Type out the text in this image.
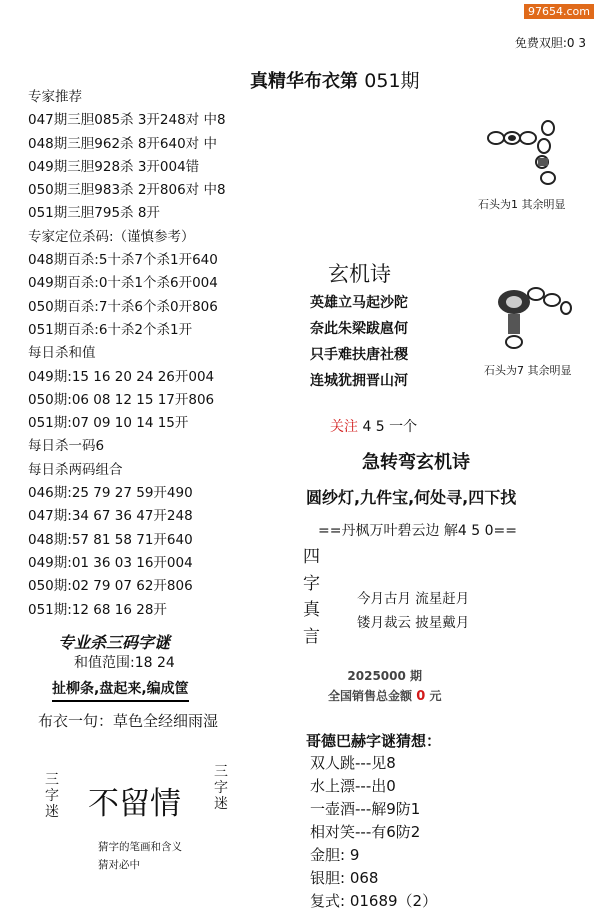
97654.com
免费双胆:0 3
真精华布衣第 051期
专家推荐
047期三胆085杀 3开248对 中8
048期三胆962杀 8开640对 中
049期三胆928杀 3开004错
050期三胆983杀 2开806对 中8
051期三胆795杀 8开
专家定位杀码:（谨慎参考）
048期百杀:5十杀7个杀1开640
049期百杀:0十杀1个杀6开004
050期百杀:7十杀6个杀0开806
051期百杀:6十杀2个杀1开
每日杀和值
049期:15 16 20 24 26开004
050期:06 08 12 15 17开806
051期:07 09 10 14 15开
每日杀一码6
每日杀两码组合
046期:25 79 27 59开490
047期:34 67 36 47开248
048期:57 81 58 71开640
049期:01 36 03 16开004
050期:02 79 07 62开806
051期:12 68 16 28开
专业杀三码字谜
和值范围:18 24
扯柳条,盘起来,编成筐
布衣一句：草色全经细雨湿
三字迷 不留情
三字迷
猜字的笔画和含义
猜对必中
石头为1 其余明显
石头为7 其余明显
玄机诗
英雄立马起沙陀
奈此朱梁跋扈何
只手难扶唐社稷
连城犹拥晋山河
关注 4 5 一个
急转弯玄机诗
圆纱灯,九件宝,何处寻,四下找
==丹枫万叶碧云边 解4 5 0==
四字真言
今月古月 流星赶月
镂月裁云 披星戴月
2025000 期
全国销售总金额 0 元
哥德巴赫字谜猜想：
双人跳---见8
水上漂---出0
一壶酒---解9防1
相对笑---有6防2
金胆: 9
银胆: 068
复式: 01689（2）
